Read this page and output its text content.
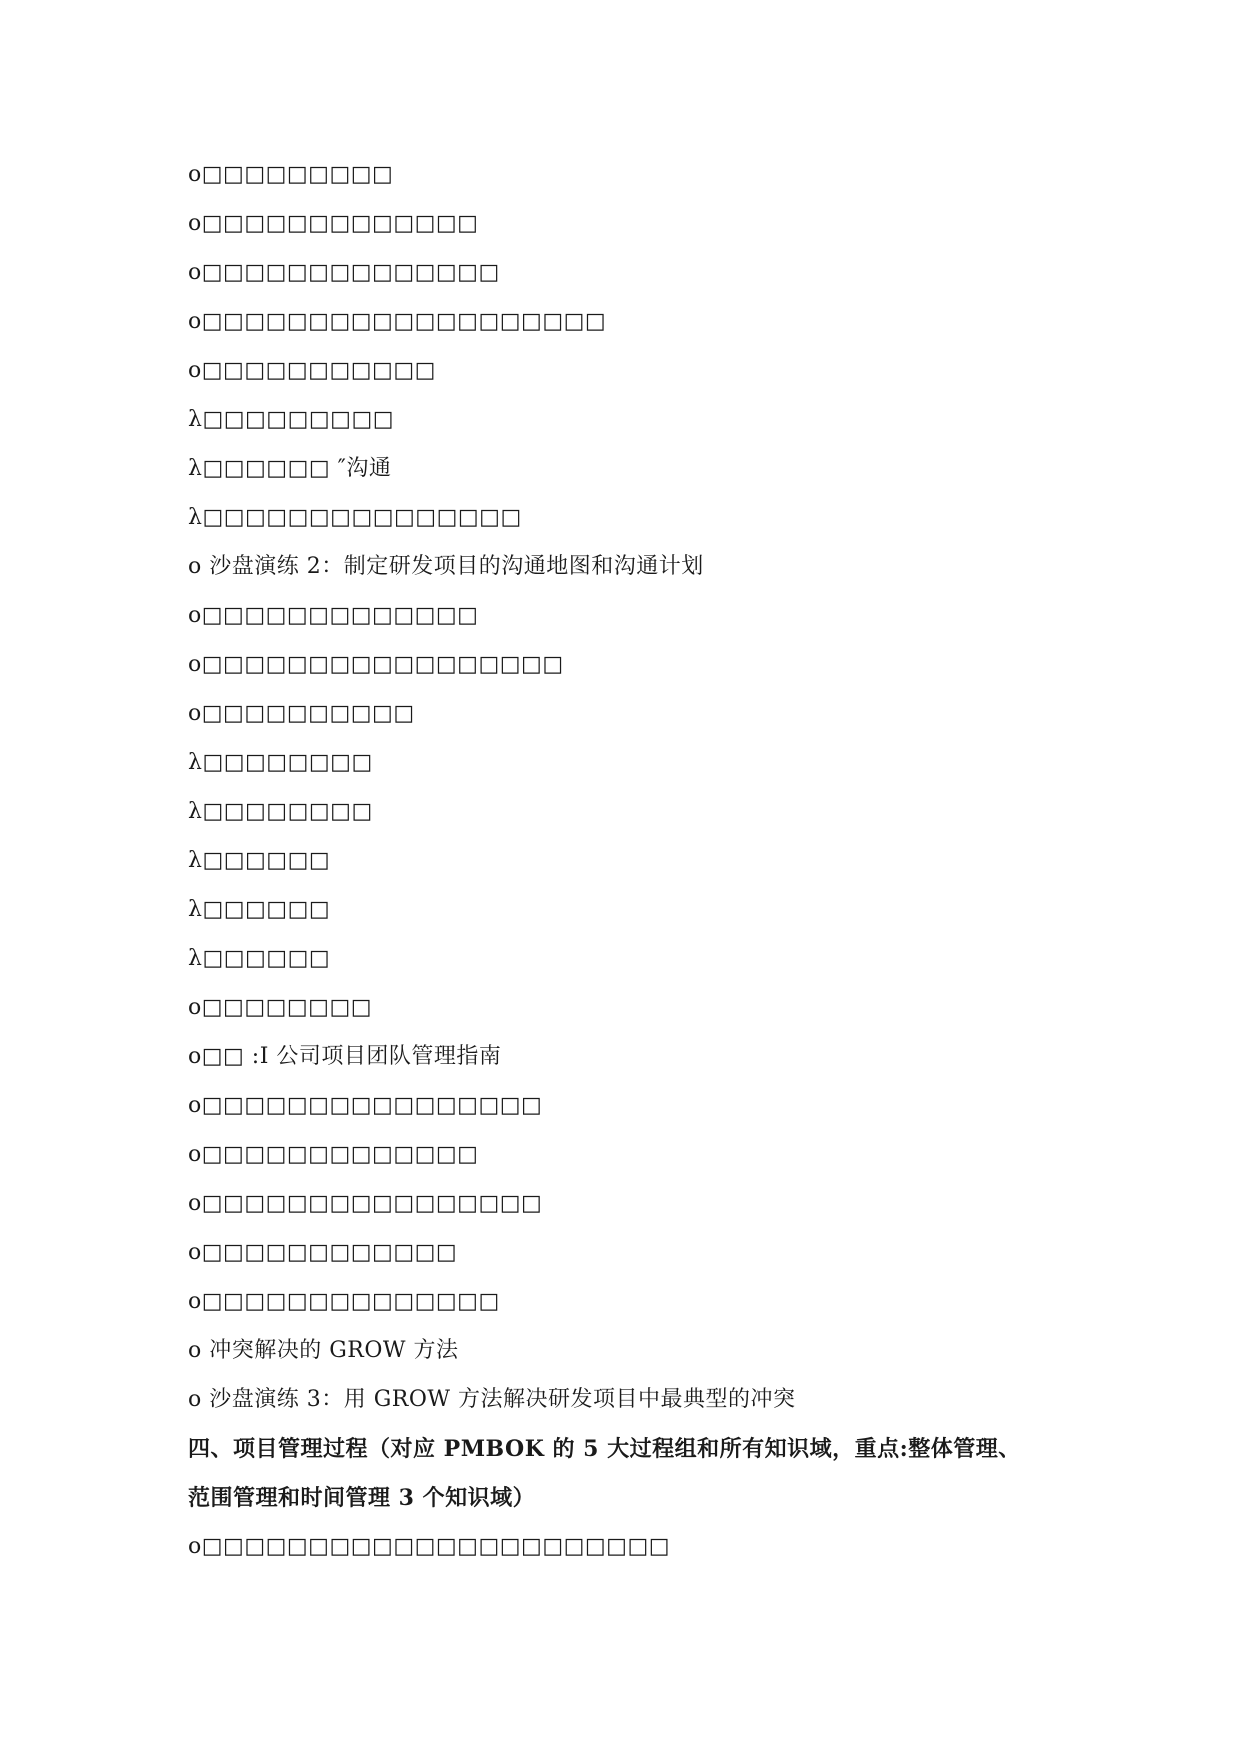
o□□□□□□□□□
o□□□□□□□□□□□□□
o□□□□□□□□□□□□□□
o□□□□□□□□□□□□□□□□□□□
o□□□□□□□□□□□
λ□□□□□□□□□
λ□□□□□□ ″沟通
λ□□□□□□□□□□□□□□□
o 沙盘演练 2：制定研发项目的沟通地图和沟通计划
o□□□□□□□□□□□□□
o□□□□□□□□□□□□□□□□□
o□□□□□□□□□□
λ□□□□□□□□
λ□□□□□□□□
λ□□□□□□
λ□□□□□□
λ□□□□□□
o□□□□□□□□
o□□ :I 公司项目团队管理指南
o□□□□□□□□□□□□□□□□
o□□□□□□□□□□□□□
o□□□□□□□□□□□□□□□□
o□□□□□□□□□□□□
o□□□□□□□□□□□□□□
o 冲突解决的 GROW 方法
o 沙盘演练 3：用 GROW 方法解决研发项目中最典型的冲突
四、项目管理过程（对应 PMBOK 的 5 大过程组和所有知识域，重点:整体管理、
范围管理和时间管理 3 个知识域）
o□□□□□□□□□□□□□□□□□□□□□□
